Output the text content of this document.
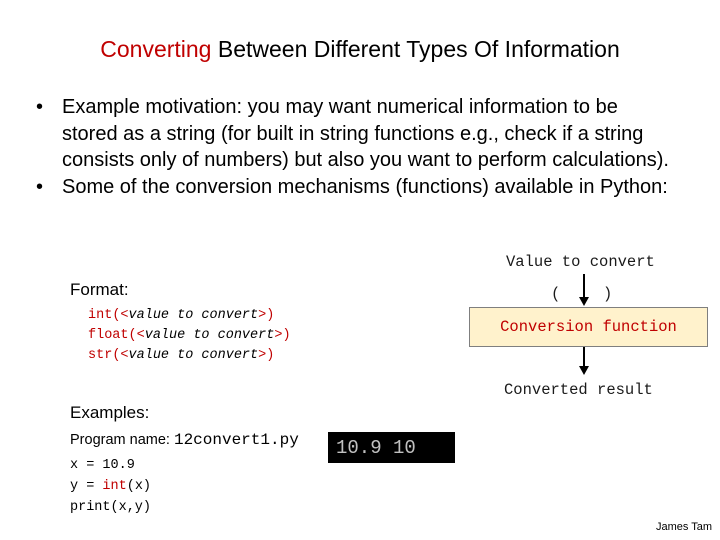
Converting Between Different Types Of Information
• Example motivation: you may want numerical information to be stored as a string (for built in string functions e.g., check if a string consists only of numbers) but also you want to perform calculations).
• Some of the conversion mechanisms (functions) available in Python:
Format:
int(<value to convert>)
float(<value to convert>)
str(<value to convert>)
Value to convert
(	)
Conversion function
Converted result
Examples:
Program name: 12convert1.py
x = 10.9
y = int(x)
print(x,y)
10.9 10
James Tam
